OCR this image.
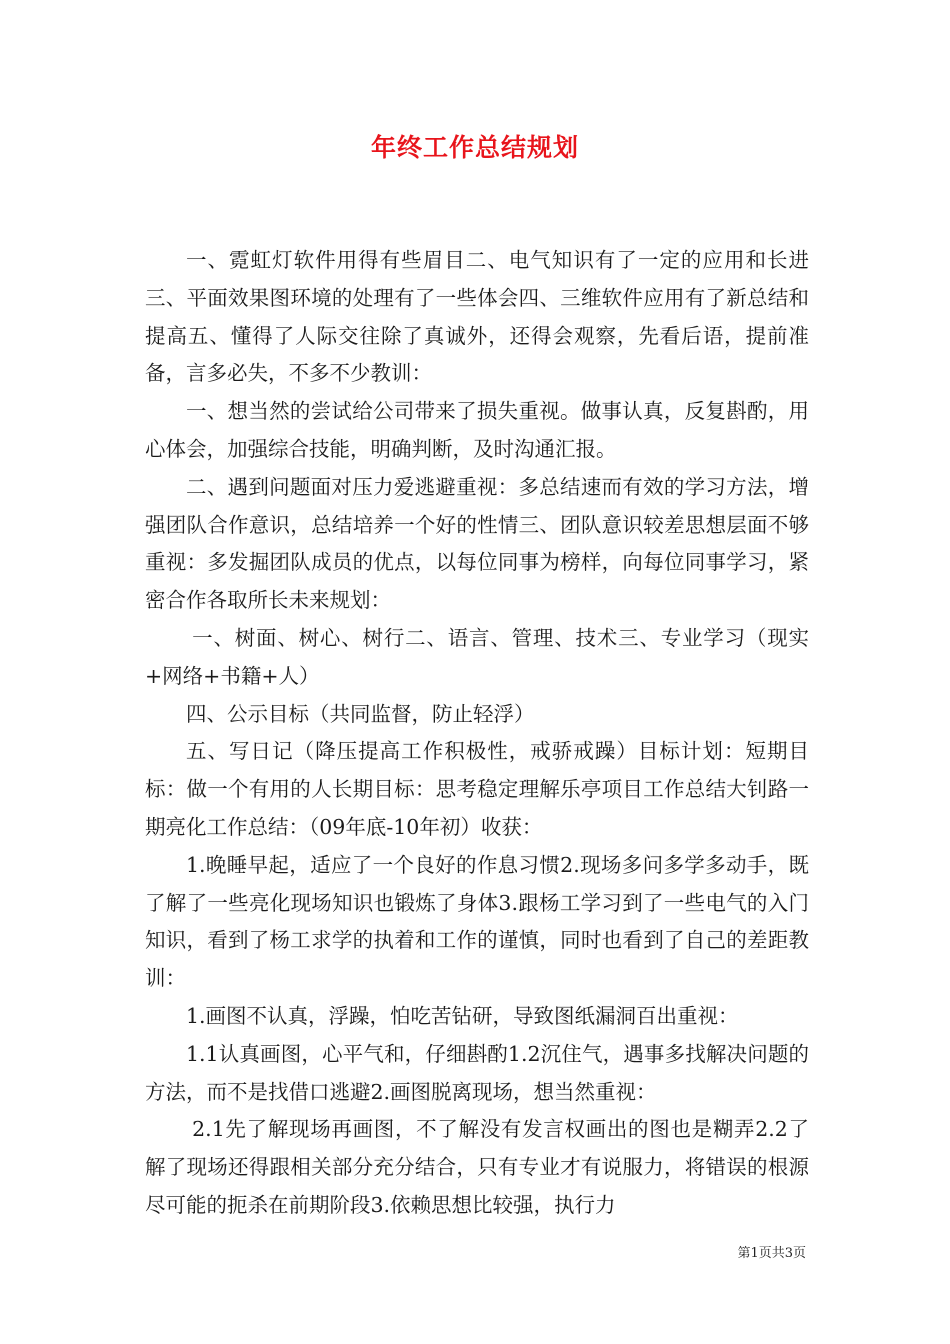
年终工作总结规划

一、霓虹灯软件用得有些眉目二、电气知识有了一定的应用和长进三、平面效果图环境的处理有了一些体会四、三维软件应用有了新总结和提高五、懂得了人际交往除了真诚外，还得会观察，先看后语，提前准备，言多必失，不多不少教训：

一、想当然的尝试给公司带来了损失重视。做事认真，反复斟酌，用心体会，加强综合技能，明确判断，及时沟通汇报。

二、遇到问题面对压力爱逃避重视：多总结速而有效的学习方法，增强团队合作意识，总结培养一个好的性情三、团队意识较差思想层面不够重视：多发掘团队成员的优点，以每位同事为榜样，向每位同事学习，紧密合作各取所长未来规划：

一、树面、树心、树行二、语言、管理、技术三、专业学习（现实+网络+书籍+人）

四、公示目标（共同监督，防止轻浮）

五、写日记（降压提高工作积极性，戒骄戒躁）目标计划：短期目标：做一个有用的人长期目标：思考稳定理解乐亭项目工作总结大钊路一期亮化工作总结：（09年底-10年初）收获：

1.晚睡早起，适应了一个良好的作息习惯2.现场多问多学多动手，既了解了一些亮化现场知识也锻炼了身体3.跟杨工学习到了一些电气的入门知识，看到了杨工求学的执着和工作的谨慎，同时也看到了自己的差距教训：

1.画图不认真，浮躁，怕吃苦钻研，导致图纸漏洞百出重视：

1.1认真画图，心平气和，仔细斟酌1.2沉住气，遇事多找解决问题的方法，而不是找借口逃避2.画图脱离现场，想当然重视：

2.1先了解现场再画图，不了解没有发言权画出的图也是糊弄2.2了解了现场还得跟相关部分充分结合，只有专业才有说服力，将错误的根源尽可能的扼杀在前期阶段3.依赖思想比较强，执行力

第1页共3页
